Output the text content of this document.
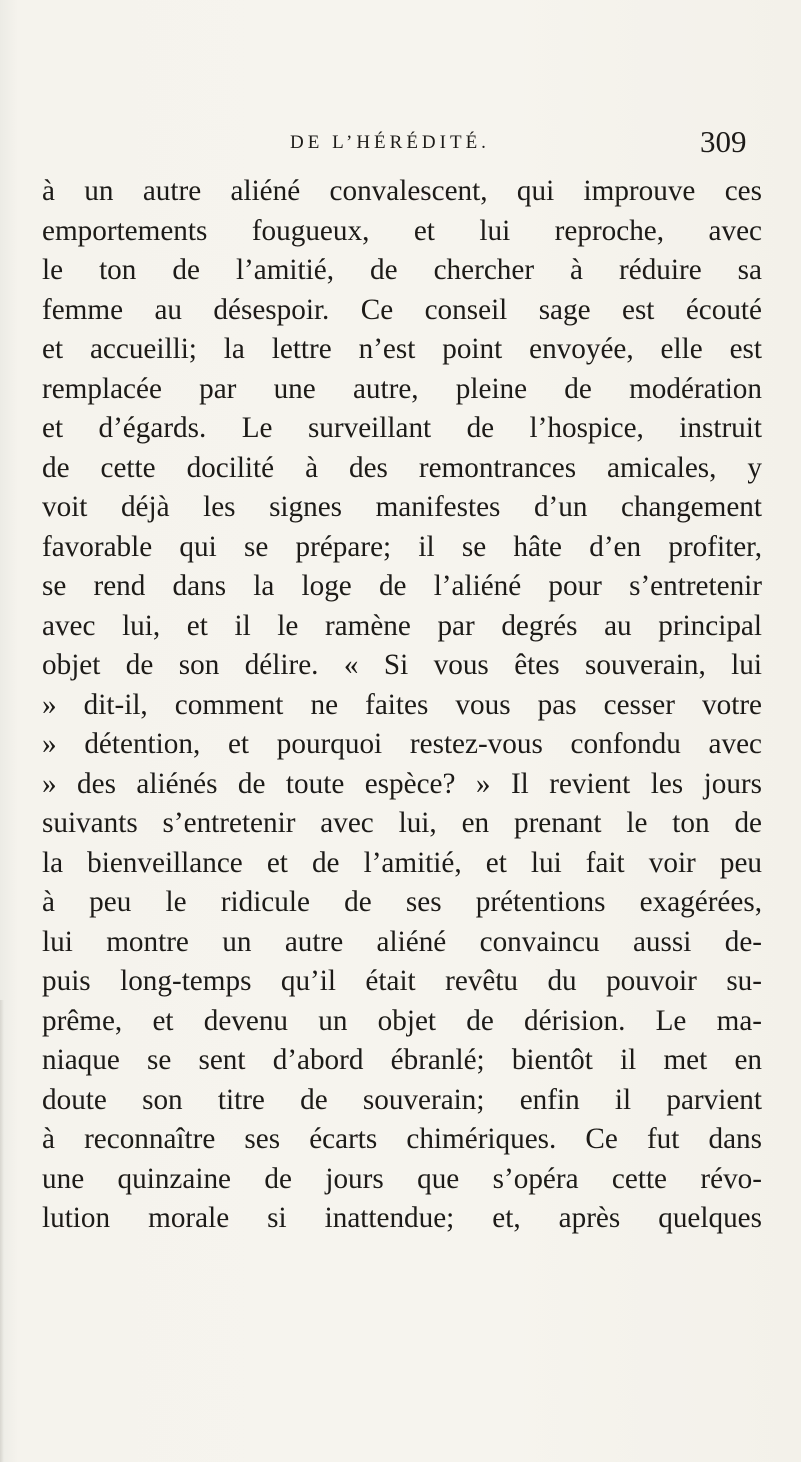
DE L’HÉRÉDITÉ.	309
à un autre aliéné convalescent, qui improuve ces
emportements fougueux, et lui reproche, avec
le ton de l’amitié, de chercher à réduire sa
femme au désespoir. Ce conseil sage est écouté
et accueilli; la lettre n’est point envoyée, elle est
remplacée par une autre, pleine de modération
et d’égards. Le surveillant de l’hospice, instruit
de cette docilité à des remontrances amicales, y
voit déjà les signes manifestes d’un changement
favorable qui se prépare; il se hâte d’en profiter,
se rend dans la loge de l’aliéné pour s’entretenir
avec lui, et il le ramène par degrés au principal
objet de son délire. « Si vous êtes souverain, lui
» dit-il, comment ne faites vous pas cesser votre
» détention, et pourquoi restez-vous confondu avec
» des aliénés de toute espèce? » Il revient les jours
suivants s’entretenir avec lui, en prenant le ton de
la bienveillance et de l’amitié, et lui fait voir peu
à peu le ridicule de ses prétentions exagérées,
lui montre un autre aliéné convaincu aussi de-
puis long-temps qu’il était revêtu du pouvoir su-
prême, et devenu un objet de dérision. Le ma-
niaque se sent d’abord ébranlé; bientôt il met en
doute son titre de souverain; enfin il parvient
à reconnaître ses écarts chimériques. Ce fut dans
une quinzaine de jours que s’opéra cette révo-
lution morale si inattendue; et, après quelques
